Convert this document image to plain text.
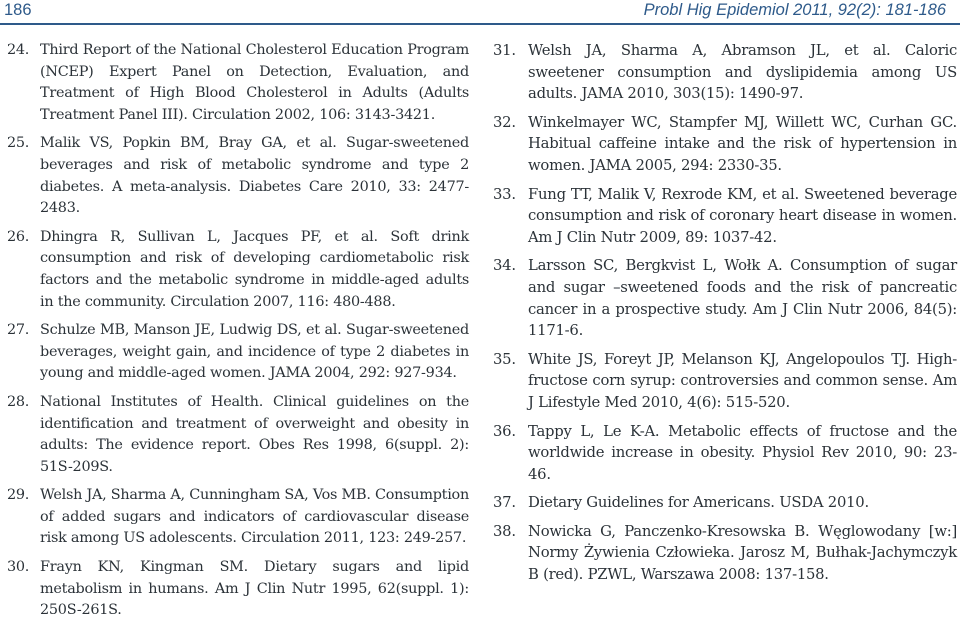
186	Probl Hig Epidemiol 2011, 92(2): 181-186
24. Third Report of the National Cholesterol Education Program (NCEP) Expert Panel on Detection, Evaluation, and Treatment of High Blood Cholesterol in Adults (Adults Treatment Panel III). Circulation 2002, 106: 3143-3421.
25. Malik VS, Popkin BM, Bray GA, et al. Sugar-sweetened beverages and risk of metabolic syndrome and type 2 diabetes. A meta-analysis. Diabetes Care 2010, 33: 2477-2483.
26. Dhingra R, Sullivan L, Jacques PF, et al. Soft drink consumption and risk of developing cardiometabolic risk factors and the metabolic syndrome in middle-aged adults in the community. Circulation 2007, 116: 480-488.
27. Schulze MB, Manson JE, Ludwig DS, et al. Sugar-sweetened beverages, weight gain, and incidence of type 2 diabetes in young and middle-aged women. JAMA 2004, 292: 927-934.
28. National Institutes of Health. Clinical guidelines on the identification and treatment of overweight and obesity in adults: The evidence report. Obes Res 1998, 6(suppl. 2): 51S-209S.
29. Welsh JA, Sharma A, Cunningham SA, Vos MB. Consumption of added sugars and indicators of cardiovascular disease risk among US adolescents. Circulation 2011, 123: 249-257.
30. Frayn KN, Kingman SM. Dietary sugars and lipid metabolism in humans. Am J Clin Nutr 1995, 62(suppl. 1): 250S-261S.
31. Welsh JA, Sharma A, Abramson JL, et al. Caloric sweetener consumption and dyslipidemia among US adults. JAMA 2010, 303(15): 1490-97.
32. Winkelmayer WC, Stampfer MJ, Willett WC, Curhan GC. Habitual caffeine intake and the risk of hypertension in women. JAMA 2005, 294: 2330-35.
33. Fung TT, Malik V, Rexrode KM, et al. Sweetened beverage consumption and risk of coronary heart disease in women. Am J Clin Nutr 2009, 89: 1037-42.
34. Larsson SC, Bergkvist L, Wołk A. Consumption of sugar and sugar –sweetened foods and the risk of pancreatic cancer in a prospective study. Am J Clin Nutr 2006, 84(5): 1171-6.
35. White JS, Foreyt JP, Melanson KJ, Angelopoulos TJ. High-fructose corn syrup: controversies and common sense. Am J Lifestyle Med 2010, 4(6): 515-520.
36. Tappy L, Le K-A. Metabolic effects of fructose and the worldwide increase in obesity. Physiol Rev 2010, 90: 23-46.
37. Dietary Guidelines for Americans. USDA 2010.
38. Nowicka G, Panczenko-Kresowska B. Węglowodany [w:] Normy Żywienia Człowieka. Jarosz M, Bułhak-Jachymczyk B (red). PZWL, Warszawa 2008: 137-158.
